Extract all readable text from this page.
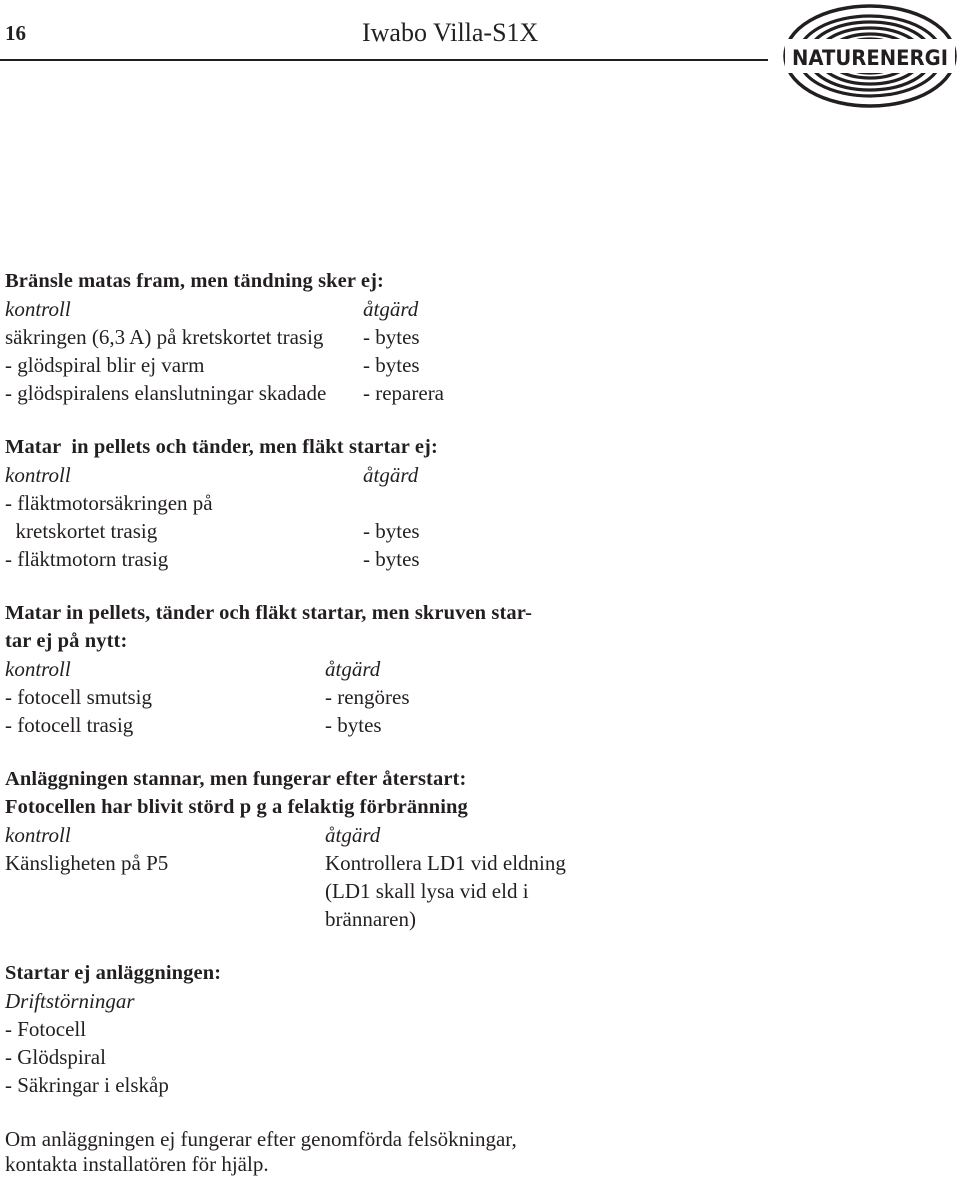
16	Iwabo Villa-S1X
NATURENERGI
Bränsle matas fram, men tändning sker ej:
kontroll	åtgärd
säkringen (6,3 A) på kretskortet trasig - bytes
- glödspiral blir ej varm	- bytes
- glödspiralens elanslutningar skadade - reparera
Matar  in pellets och tänder, men fläkt startar ej:
kontroll	åtgärd
- fläktmotorsäkringen på
kretskortet trasig	- bytes
- fläktmotorn trasig	- bytes
Matar in pellets, tänder och fläkt startar, men skruven star-
tar ej på nytt:
kontroll	åtgärd
- fotocell smutsig	- rengöres
- fotocell trasig	- bytes
Anläggningen stannar, men fungerar efter återstart:
Fotocellen har blivit störd p g a felaktig förbränning
kontroll	åtgärd
Känsligheten på P5	Kontrollera LD1 vid eldning
(LD1 skall lysa vid eld i
brännaren)
Startar ej anläggningen:
Driftstörningar
- Fotocell
- Glödspiral
- Säkringar i elskåp
Om anläggningen ej fungerar efter genomförda felsökningar,
kontakta installatören för hjälp.
